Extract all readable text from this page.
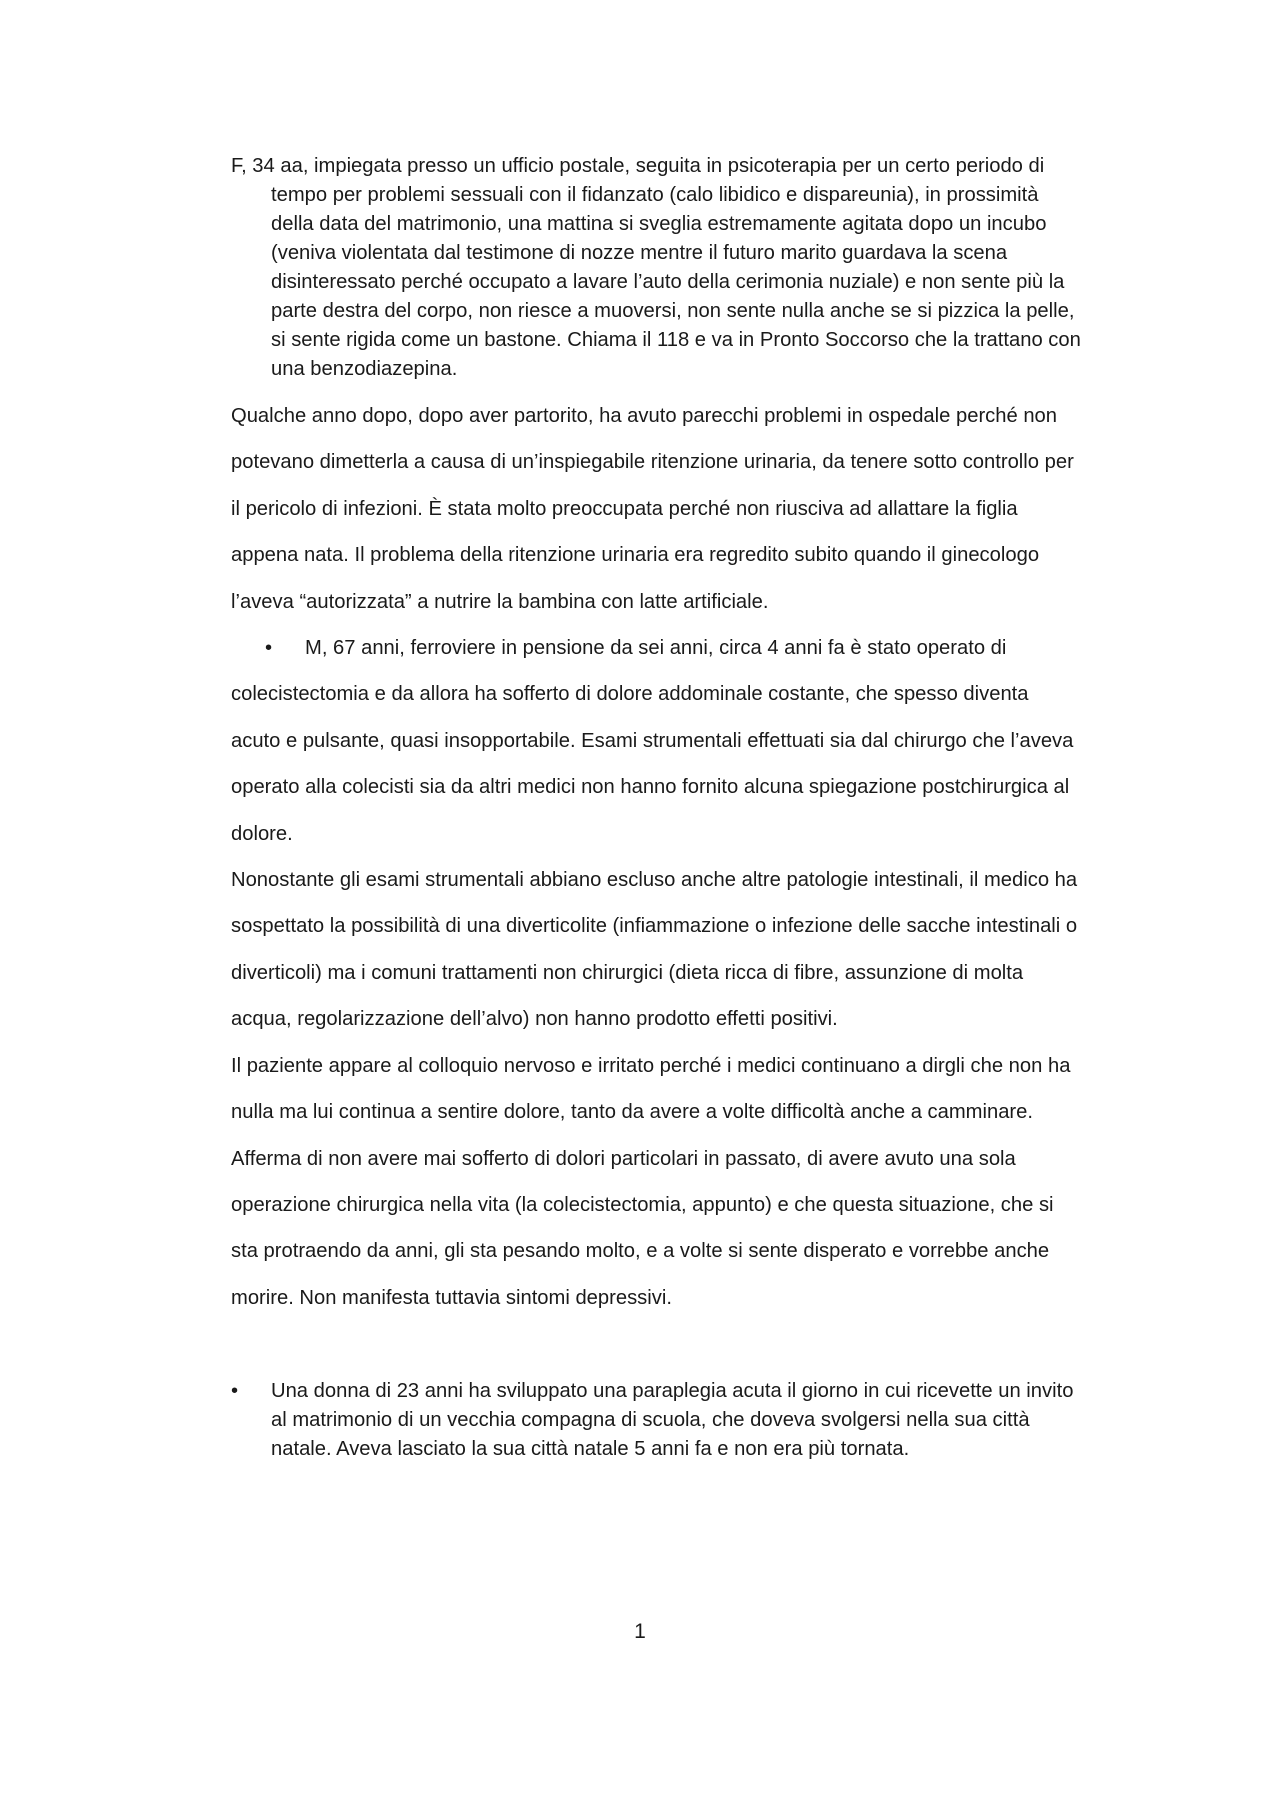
F, 34 aa, impiegata presso un ufficio postale, seguita in psicoterapia per un certo periodo di tempo per problemi sessuali con il fidanzato (calo libidico e dispareunia), in prossimità della data del matrimonio, una mattina si sveglia estremamente agitata dopo un incubo (veniva violentata dal testimone di nozze mentre il futuro marito guardava la scena disinteressato perché occupato a lavare l’auto della cerimonia nuziale) e non sente più la parte destra del corpo, non riesce a muoversi, non sente nulla anche se si pizzica la pelle, si sente rigida come un bastone. Chiama il 118 e va in Pronto Soccorso che la trattano con una benzodiazepina.

Qualche anno dopo, dopo aver partorito, ha avuto parecchi problemi in ospedale perché non potevano dimetterla a causa di un’inspiegabile ritenzione urinaria, da tenere sotto controllo per il pericolo di infezioni. È stata molto preoccupata perché non riusciva ad allattare la figlia appena nata. Il problema della ritenzione urinaria era regredito subito quando il ginecologo l’aveva “autorizzata” a nutrire la bambina con latte artificiale.

• M, 67 anni, ferroviere in pensione da sei anni, circa 4 anni fa è stato operato di colecistectomia e da allora ha sofferto di dolore addominale costante, che spesso diventa acuto e pulsante, quasi insopportabile. Esami strumentali effettuati sia dal chirurgo che l’aveva operato alla colecisti sia da altri medici non hanno fornito alcuna spiegazione postchirurgica al dolore.

Nonostante gli esami strumentali abbiano escluso anche altre patologie intestinali, il medico ha sospettato la possibilità di una diverticolite (infiammazione o infezione delle sacche intestinali o diverticoli) ma i comuni trattamenti non chirurgici (dieta ricca di fibre, assunzione di molta acqua, regolarizzazione dell’alvo) non hanno prodotto effetti positivi.

Il paziente appare al colloquio nervoso e irritato perché i medici continuano a dirgli che non ha nulla ma lui continua a sentire dolore, tanto da avere a volte difficoltà anche a camminare. Afferma di non avere mai sofferto di dolori particolari in passato, di avere avuto una sola operazione chirurgica nella vita (la colecistectomia, appunto) e che questa situazione, che si sta protraendo da anni, gli sta pesando molto, e a volte si sente disperato e vorrebbe anche morire. Non manifesta tuttavia sintomi depressivi.

• Una donna di 23 anni ha sviluppato una paraplegia acuta il giorno in cui ricevette un invito al matrimonio di un vecchia compagna di scuola, che doveva svolgersi nella sua città natale. Aveva lasciato la sua città natale 5 anni fa e non era più tornata.

1
